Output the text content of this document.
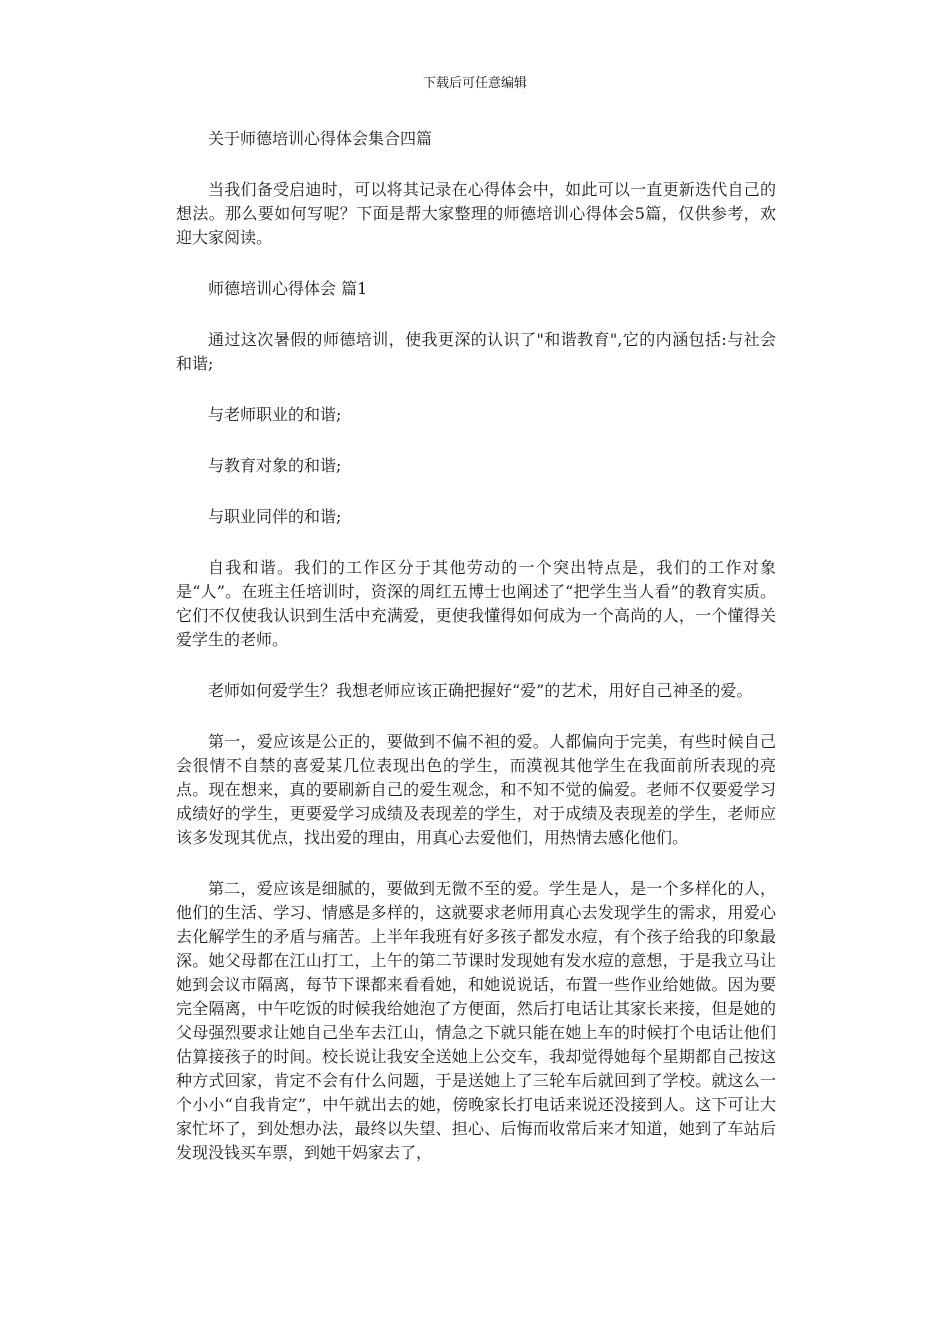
下载后可任意编辑

关于师德培训心得体会集合四篇

当我们备受启迪时，可以将其记录在心得体会中，如此可以一直更新迭代自己的想法。那么要如何写呢？下面是帮大家整理的师德培训心得体会5篇，仅供参考，欢迎大家阅读。

师德培训心得体会 篇1

通过这次暑假的师德培训，使我更深的认识了"和谐教育",它的内涵包括:与社会和谐;

与老师职业的和谐;

与教育对象的和谐;

与职业同伴的和谐;

自我和谐。我们的工作区分于其他劳动的一个突出特点是，我们的工作对象是“人”。在班主任培训时，资深的周红五博士也阐述了“把学生当人看”的教育实质。它们不仅使我认识到生活中充满爱，更使我懂得如何成为一个高尚的人，一个懂得关爱学生的老师。

老师如何爱学生？我想老师应该正确把握好“爱”的艺术，用好自己神圣的爱。

第一，爱应该是公正的，要做到不偏不袒的爱。人都偏向于完美，有些时候自己会很情不自禁的喜爱某几位表现出色的学生，而漠视其他学生在我面前所表现的亮点。现在想来，真的要刷新自己的爱生观念，和不知不觉的偏爱。老师不仅要爱学习成绩好的学生，更要爱学习成绩及表现差的学生，对于成绩及表现差的学生，老师应该多发现其优点，找出爱的理由，用真心去爱他们，用热情去感化他们。

第二，爱应该是细腻的，要做到无微不至的爱。学生是人，是一个多样化的人，他们的生活、学习、情感是多样的，这就要求老师用真心去发现学生的需求，用爱心去化解学生的矛盾与痛苦。上半年我班有好多孩子都发水痘，有个孩子给我的印象最深。她父母都在江山打工，上午的第二节课时发现她有发水痘的意想，于是我立马让她到会议市隔离，每节下课都来看看她，和她说说话，布置一些作业给她做。因为要完全隔离，中午吃饭的时候我给她泡了方便面，然后打电话让其家长来接，但是她的父母强烈要求让她自己坐车去江山，情急之下就只能在她上车的时候打个电话让他们估算接孩子的时间。校长说让我安全送她上公交车，我却觉得她每个星期都自己按这种方式回家，肯定不会有什么问题，于是送她上了三轮车后就回到了学校。就这么一个小小“自我肯定”，中午就出去的她，傍晚家长打电话来说还没接到人。这下可让大家忙坏了，到处想办法，最终以失望、担心、后悔而收常后来才知道，她到了车站后发现没钱买车票，到她干妈家去了，
